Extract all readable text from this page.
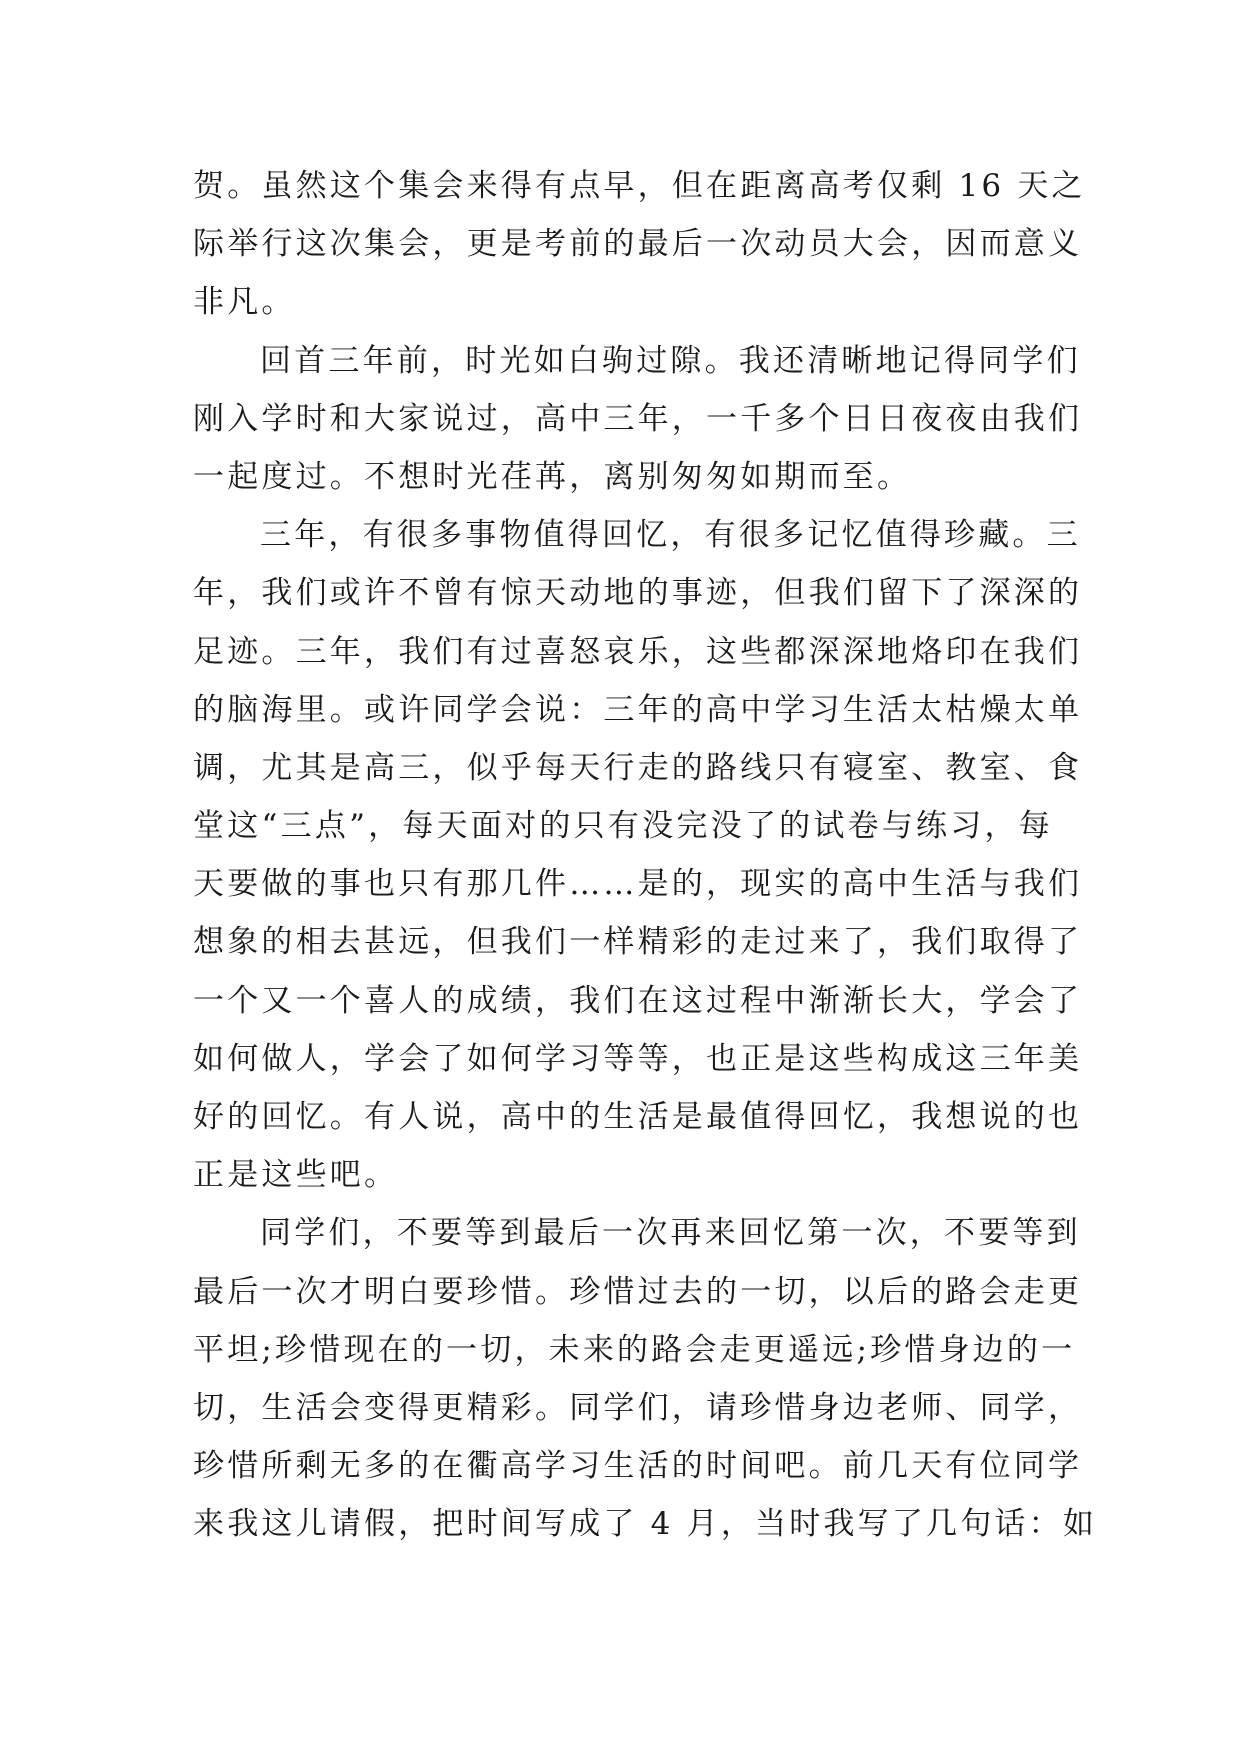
贺。虽然这个集会来得有点早，但在距离高考仅剩 16 天之
际举行这次集会，更是考前的最后一次动员大会，因而意义
非凡。
回首三年前，时光如白驹过隙。我还清晰地记得同学们
刚入学时和大家说过，高中三年，一千多个日日夜夜由我们
一起度过。不想时光荏苒，离别匆匆如期而至。
三年，有很多事物值得回忆，有很多记忆值得珍藏。三
年，我们或许不曾有惊天动地的事迹，但我们留下了深深的
足迹。三年，我们有过喜怒哀乐，这些都深深地烙印在我们
的脑海里。或许同学会说：三年的高中学习生活太枯燥太单
调，尤其是高三，似乎每天行走的路线只有寝室、教室、食
堂这“三点”，每天面对的只有没完没了的试卷与练习，每
天要做的事也只有那几件……是的，现实的高中生活与我们
想象的相去甚远，但我们一样精彩的走过来了，我们取得了
一个又一个喜人的成绩，我们在这过程中渐渐长大，学会了
如何做人，学会了如何学习等等，也正是这些构成这三年美
好的回忆。有人说，高中的生活是最值得回忆，我想说的也
正是这些吧。
同学们，不要等到最后一次再来回忆第一次，不要等到
最后一次才明白要珍惜。珍惜过去的一切，以后的路会走更
平坦;珍惜现在的一切，未来的路会走更遥远;珍惜身边的一
切，生活会变得更精彩。同学们，请珍惜身边老师、同学，
珍惜所剩无多的在衢高学习生活的时间吧。前几天有位同学
来我这儿请假，把时间写成了 4 月，当时我写了几句话：如
